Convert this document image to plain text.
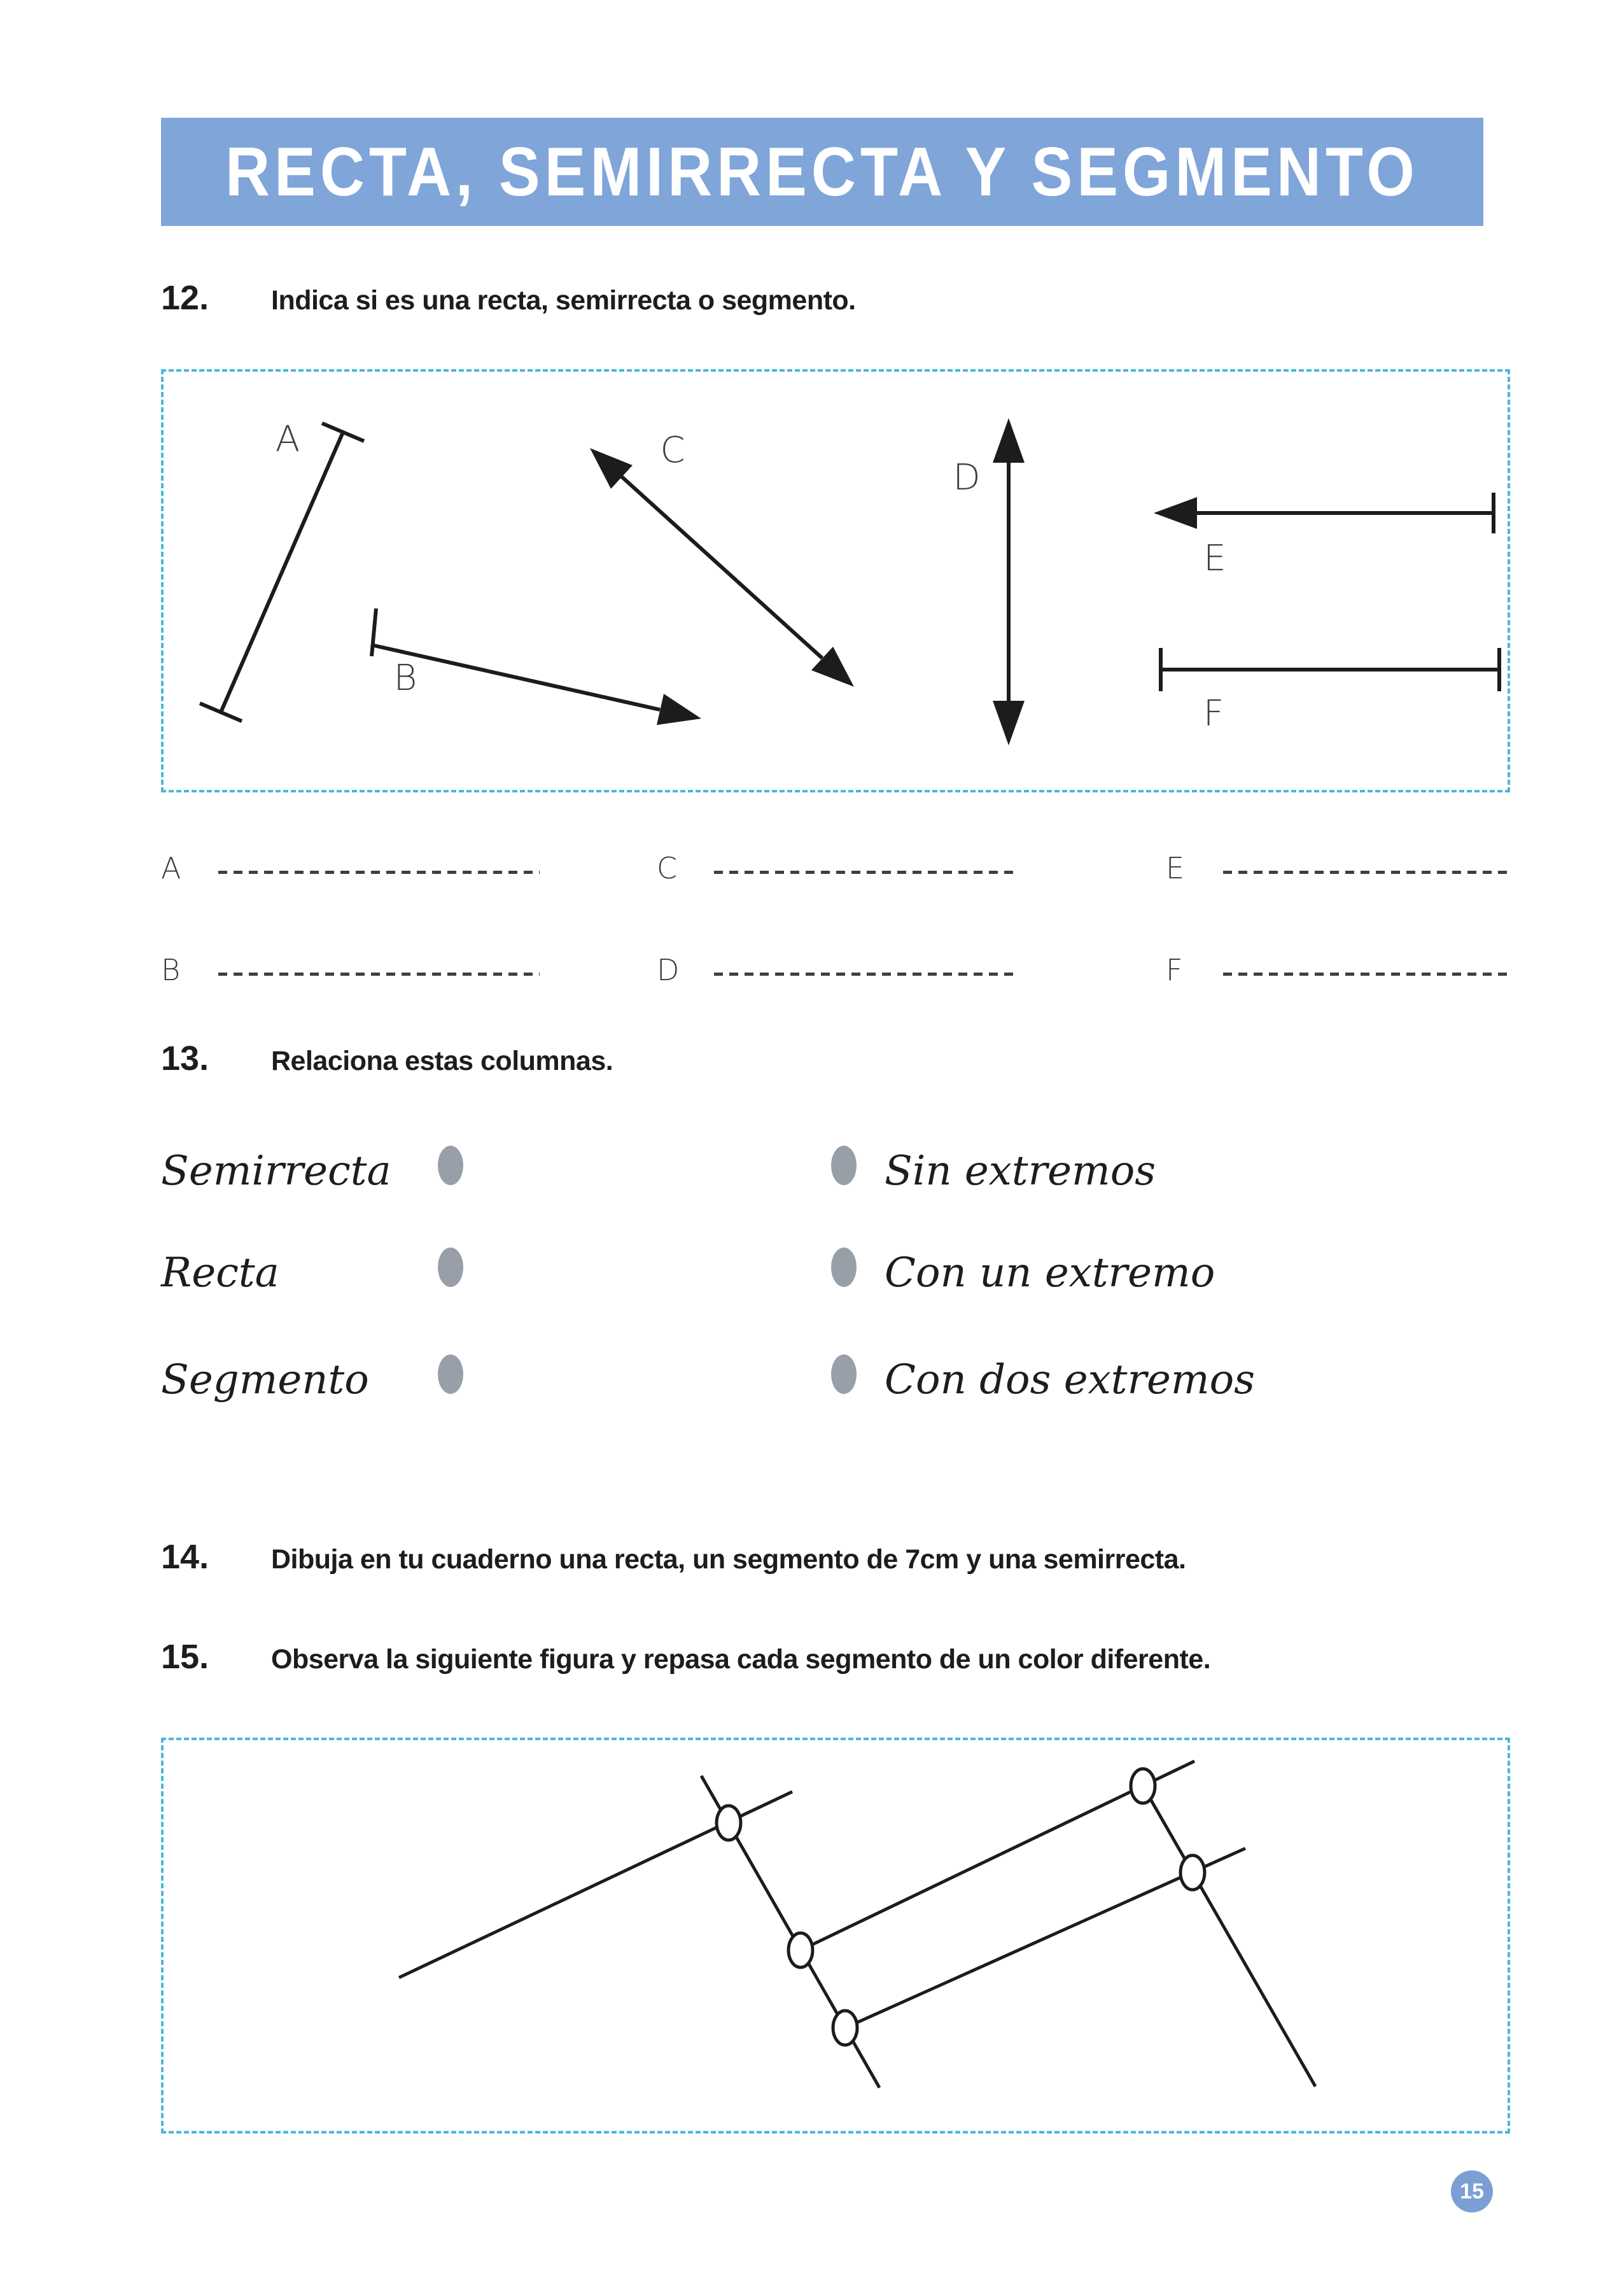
RECTA, SEMIRRECTA Y SEGMENTO
12.	Indica si es una recta, semirrecta o segmento.
A
B
C
D
E
F
A	C	E
B	D	F
13.	Relaciona estas columnas.
Semirrecta	Sin extremos
Recta	Con un extremo
Segmento	Con dos extremos
14.	Dibuja en tu cuaderno una recta, un segmento de 7cm y una semirrecta.
15.	Observa la siguiente figura y repasa cada segmento de un color diferente.
15
